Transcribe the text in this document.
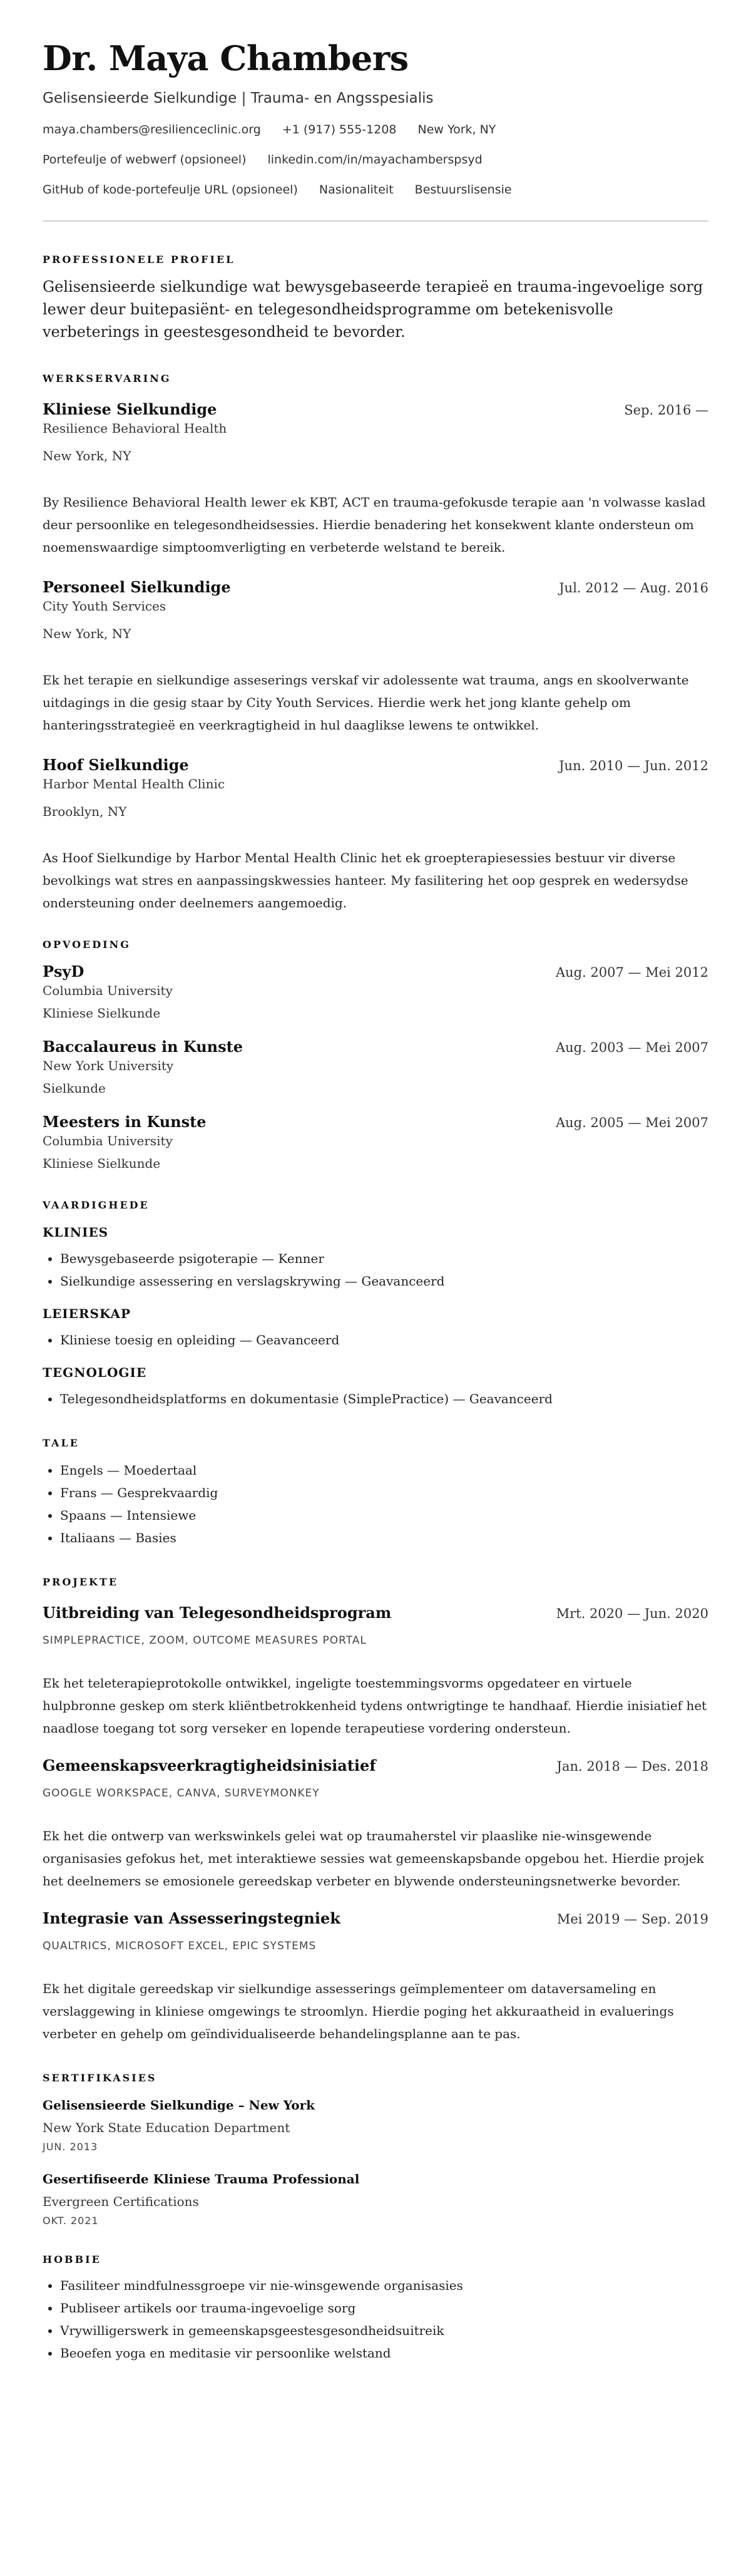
Dr. Maya Chambers
Gelisensieerde Sielkundige | Trauma- en Angsspesialis
maya.chambers@resilienceclinic.org +1 (917) 555-1208 New York, NY
Portefeulje of webwerf (opsioneel) linkedin.com/in/mayachamberspsyd
GitHub of kode-portefeulje URL (opsioneel) Nasionaliteit Bestuurslisensie
PROFESSIONELE PROFIEL
Gelisensieerde sielkundige wat bewysgebaseerde terapieë en trauma-ingevoelige sorg lewer deur buitepasiënt- en telegesondheidsprogramme om betekenisvolle verbeterings in geestesgesondheid te bevorder.
WERKSERVARING
Kliniese Sielkundige	Sep. 2016 —
Resilience Behavioral Health
New York, NY
By Resilience Behavioral Health lewer ek KBT, ACT en trauma-gefokusde terapie aan 'n volwasse kaslad deur persoonlike en telegesondheidsessies. Hierdie benadering het konsekwent klante ondersteun om noemenswaardige simptoomverligting en verbeterde welstand te bereik.
Personeel Sielkundige	Jul. 2012 — Aug. 2016
City Youth Services
New York, NY
Ek het terapie en sielkundige asseserings verskaf vir adolessente wat trauma, angs en skoolverwante uitdagings in die gesig staar by City Youth Services. Hierdie werk het jong klante gehelp om hanteringsstrategieë en veerkragtigheid in hul daaglikse lewens te ontwikkel.
Hoof Sielkundige	Jun. 2010 — Jun. 2012
Harbor Mental Health Clinic
Brooklyn, NY
As Hoof Sielkundige by Harbor Mental Health Clinic het ek groepterapiesessies bestuur vir diverse bevolkings wat stres en aanpassingskwessies hanteer. My fasilitering het oop gesprek en wedersydse ondersteuning onder deelnemers aangemoedig.
OPVOEDING
PsyD	Aug. 2007 — Mei 2012
Columbia University
Kliniese Sielkunde
Baccalaureus in Kunste	Aug. 2003 — Mei 2007
New York University
Sielkunde
Meesters in Kunste	Aug. 2005 — Mei 2007
Columbia University
Kliniese Sielkunde
VAARDIGHEDE
KLINIES
• Bewysgebaseerde psigoterapie — Kenner
• Sielkundige assessering en verslagskrywing — Geavanceerd
LEIERSKAP
• Kliniese toesig en opleiding — Geavanceerd
TEGNOLOGIE
• Telegesondheidsplatforms en dokumentasie (SimplePractice) — Geavanceerd
TALE
• Engels — Moedertaal
• Frans — Gesprekvaardig
• Spaans — Intensiewe
• Italiaans — Basies
PROJEKTE
Uitbreiding van Telegesondheidsprogram	Mrt. 2020 — Jun. 2020
SIMPLEPRACTICE, ZOOM, OUTCOME MEASURES PORTAL
Ek het teleterapieprotokolle ontwikkel, ingeligte toestemmingsvorms opgedateer en virtuele hulpbronne geskep om sterk kliëntbetrokkenheid tydens ontwrigtinge te handhaaf. Hierdie inisiatief het naadlose toegang tot sorg verseker en lopende terapeutiese vordering ondersteun.
Gemeenskapsveerkragtigheidsinisiatief	Jan. 2018 — Des. 2018
GOOGLE WORKSPACE, CANVA, SURVEYMONKEY
Ek het die ontwerp van werkswinkels gelei wat op traumaherstel vir plaaslike nie-winsgewende organisasies gefokus het, met interaktiewe sessies wat gemeenskapsbande opgebou het. Hierdie projek het deelnemers se emosionele gereedskap verbeter en blywende ondersteuningsnetwerke bevorder.
Integrasie van Assesseringstegniek	Mei 2019 — Sep. 2019
QUALTRICS, MICROSOFT EXCEL, EPIC SYSTEMS
Ek het digitale gereedskap vir sielkundige assesserings geïmplementeer om dataversameling en verslaggewing in kliniese omgewings te stroomlyn. Hierdie poging het akkuraatheid in evaluerings verbeter en gehelp om geïndividualiseerde behandelingsplanne aan te pas.
SERTIFIKASIES
Gelisensieerde Sielkundige – New York
New York State Education Department
JUN. 2013
Gesertifiseerde Kliniese Trauma Professional
Evergreen Certifications
OKT. 2021
HOBBIE
• Fasiliteer mindfulnessgroepe vir nie-winsgewende organisasies
• Publiseer artikels oor trauma-ingevoelige sorg
• Vrywilligerswerk in gemeenskapsgeestesgesondheidsuitreik
• Beoefen yoga en meditasie vir persoonlike welstand
